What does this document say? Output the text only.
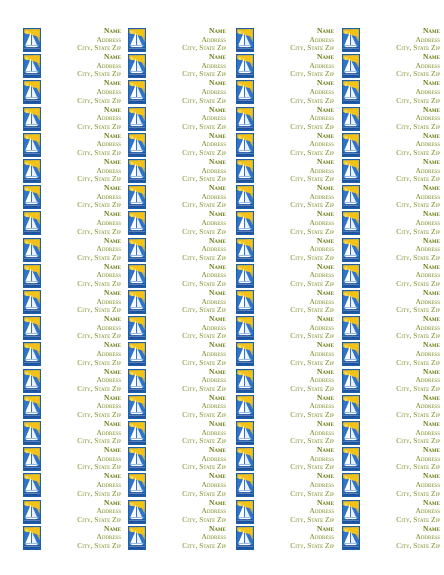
Name
Address
City, State Zip
Name
Address
City, State Zip
Name
Address
City, State Zip
Name
Address
City, State Zip
Name
Address
City, State Zip
Name
Address
City, State Zip
Name
Address
City, State Zip
Name
Address
City, State Zip
Name
Address
City, State Zip
Name
Address
City, State Zip
Name
Address
City, State Zip
Name
Address
City, State Zip
Name
Address
City, State Zip
Name
Address
City, State Zip
Name
Address
City, State Zip
Name
Address
City, State Zip
Name
Address
City, State Zip
Name
Address
City, State Zip
Name
Address
City, State Zip
Name
Address
City, State Zip
Name
Address
City, State Zip
Name
Address
City, State Zip
Name
Address
City, State Zip
Name
Address
City, State Zip
Name
Address
City, State Zip
Name
Address
City, State Zip
Name
Address
City, State Zip
Name
Address
City, State Zip
Name
Address
City, State Zip
Name
Address
City, State Zip
Name
Address
City, State Zip
Name
Address
City, State Zip
Name
Address
City, State Zip
Name
Address
City, State Zip
Name
Address
City, State Zip
Name
Address
City, State Zip
Name
Address
City, State Zip
Name
Address
City, State Zip
Name
Address
City, State Zip
Name
Address
City, State Zip
Name
Address
City, State Zip
Name
Address
City, State Zip
Name
Address
City, State Zip
Name
Address
City, State Zip
Name
Address
City, State Zip
Name
Address
City, State Zip
Name
Address
City, State Zip
Name
Address
City, State Zip
Name
Address
City, State Zip
Name
Address
City, State Zip
Name
Address
City, State Zip
Name
Address
City, State Zip
Name
Address
City, State Zip
Name
Address
City, State Zip
Name
Address
City, State Zip
Name
Address
City, State Zip
Name
Address
City, State Zip
Name
Address
City, State Zip
Name
Address
City, State Zip
Name
Address
City, State Zip
Name
Address
City, State Zip
Name
Address
City, State Zip
Name
Address
City, State Zip
Name
Address
City, State Zip
Name
Address
City, State Zip
Name
Address
City, State Zip
Name
Address
City, State Zip
Name
Address
City, State Zip
Name
Address
City, State Zip
Name
Address
City, State Zip
Name
Address
City, State Zip
Name
Address
City, State Zip
Name
Address
City, State Zip
Name
Address
City, State Zip
Name
Address
City, State Zip
Name
Address
City, State Zip
Name
Address
City, State Zip
Name
Address
City, State Zip
Name
Address
City, State Zip
Name
Address
City, State Zip
